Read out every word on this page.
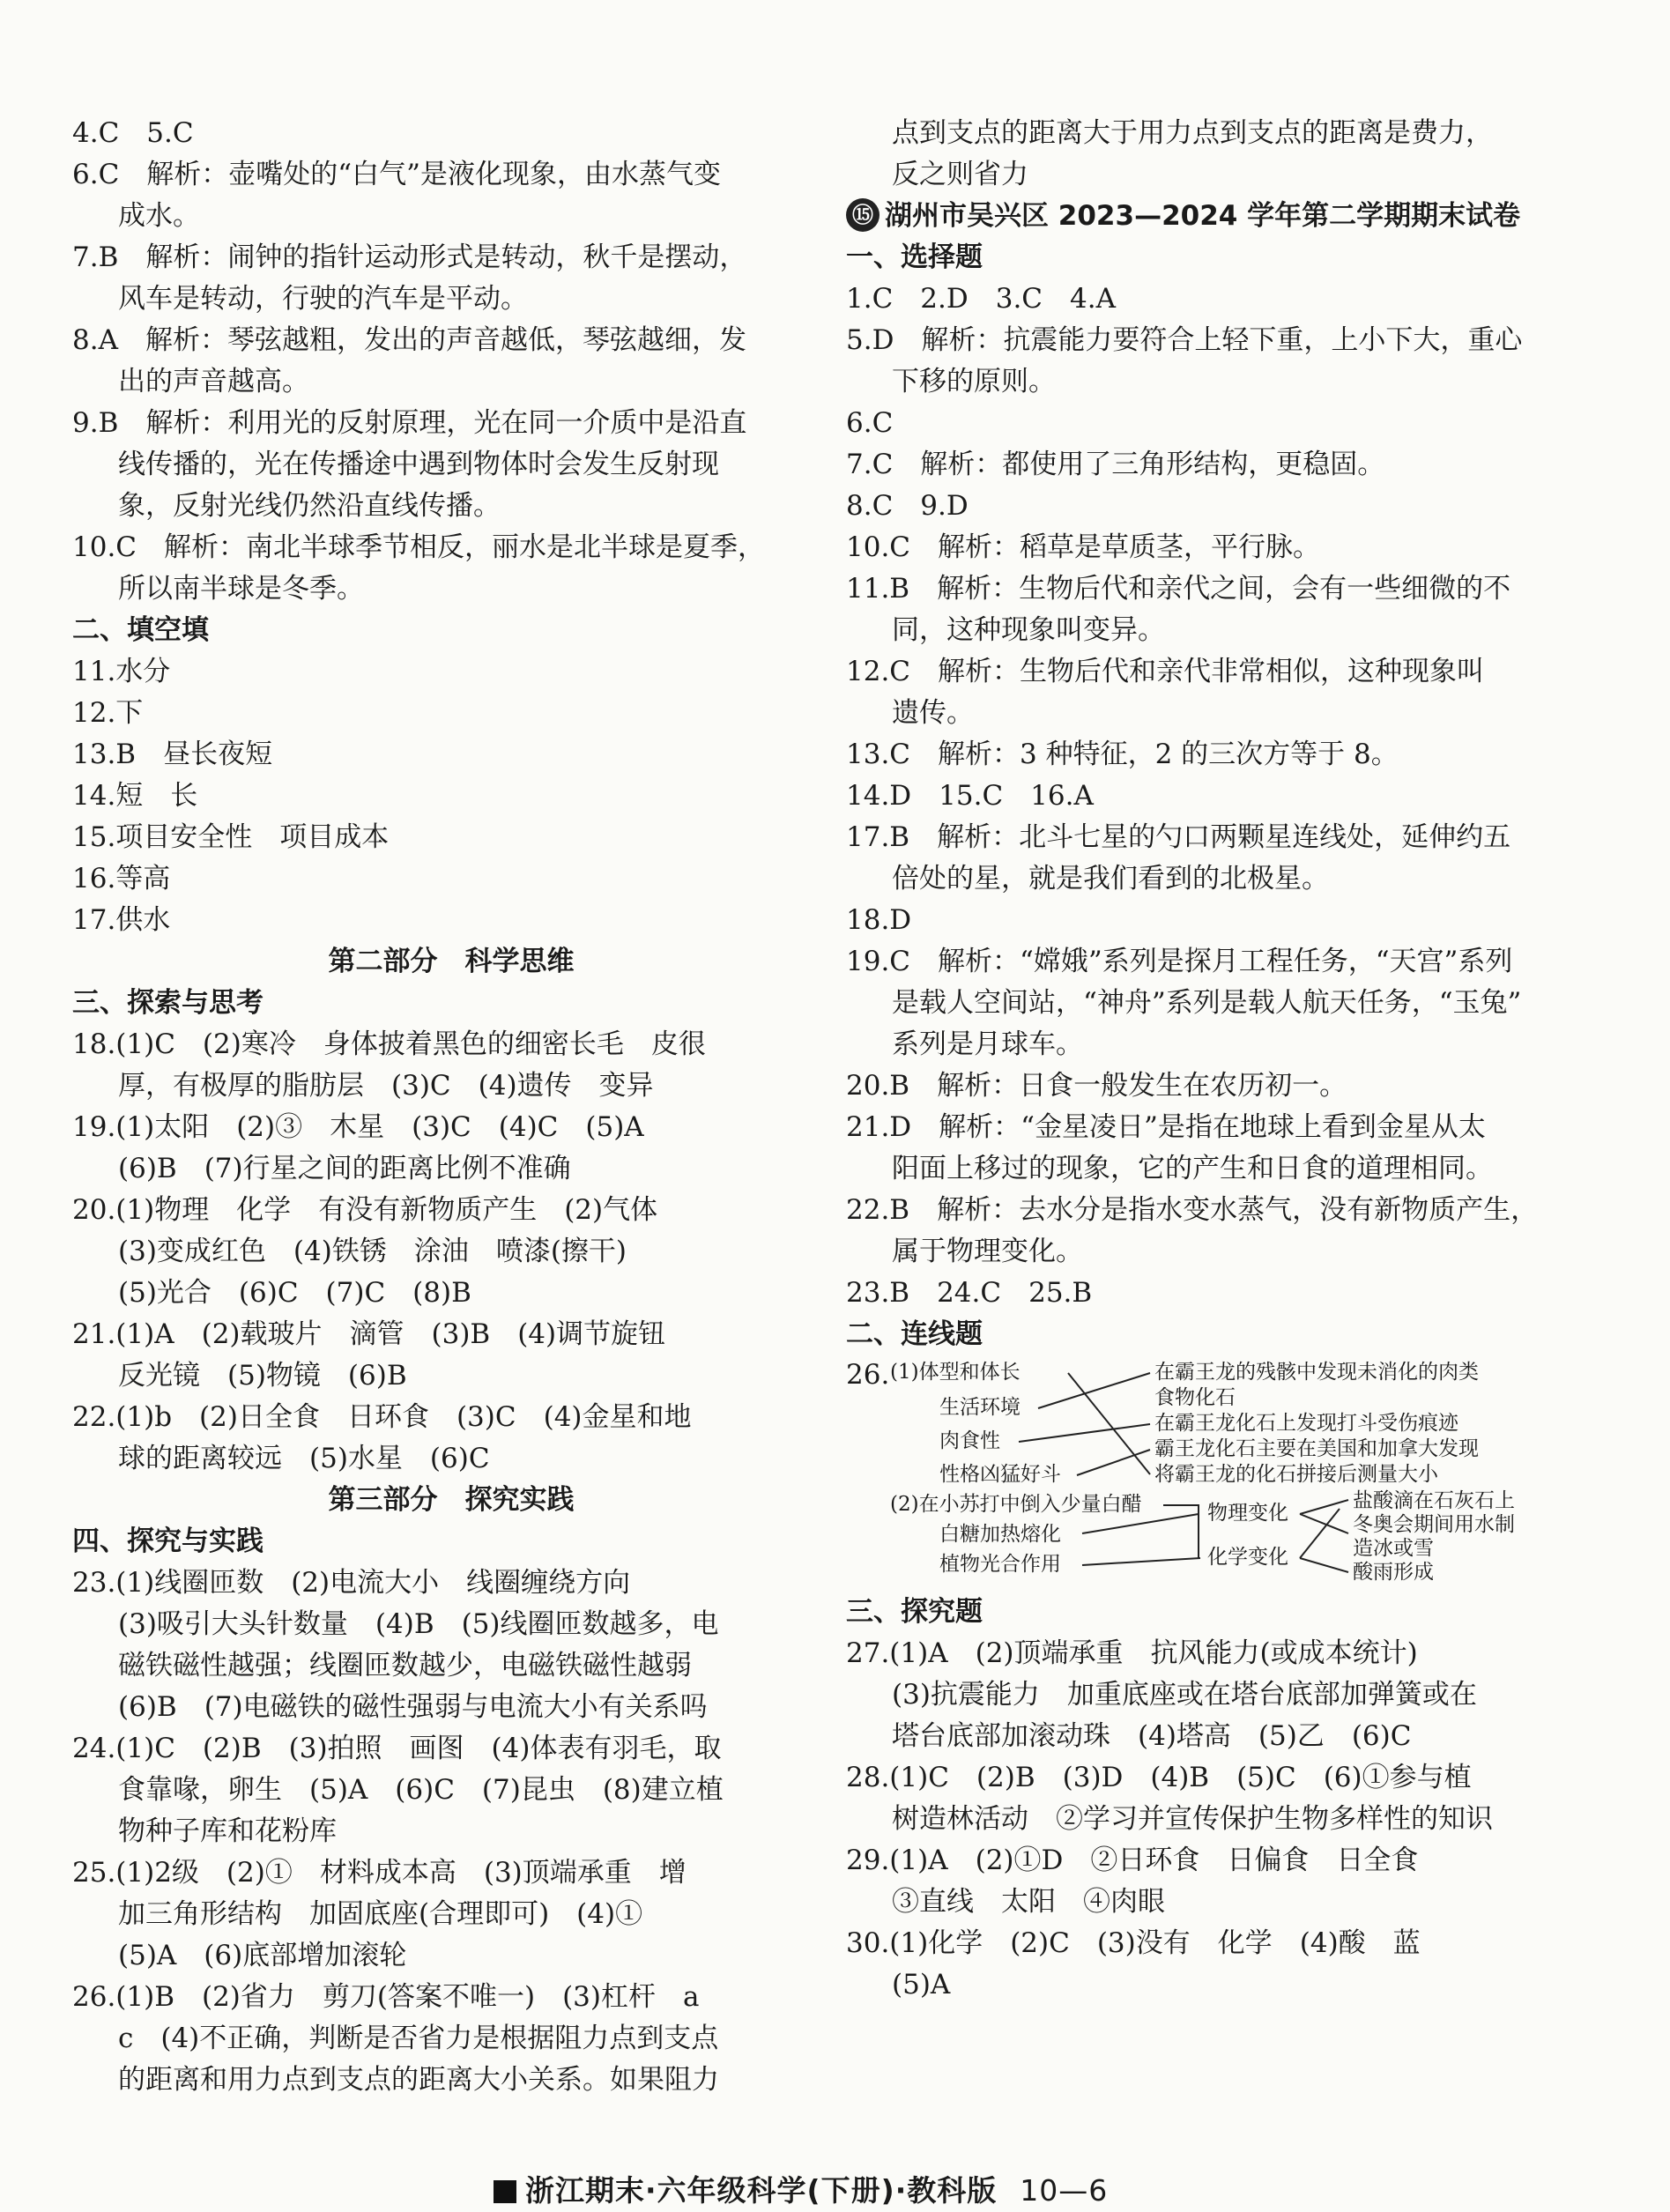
4.C　5.C
6.C　解析：壶嘴处的“白气”是液化现象，由水蒸气变
成水。
7.B　解析：闹钟的指针运动形式是转动，秋千是摆动，
风车是转动，行驶的汽车是平动。
8.A　解析：琴弦越粗，发出的声音越低，琴弦越细，发
出的声音越高。
9.B　解析：利用光的反射原理，光在同一介质中是沿直
线传播的，光在传播途中遇到物体时会发生反射现
象，反射光线仍然沿直线传播。
10.C　解析：南北半球季节相反，丽水是北半球是夏季，
所以南半球是冬季。
二、填空填
11.水分
12.下
13.B　昼长夜短
14.短　长
15.项目安全性　项目成本
16.等高
17.供水
第二部分　科学思维
三、探索与思考
18.(1)C　(2)寒冷　身体披着黑色的细密长毛　皮很
厚，有极厚的脂肪层　(3)C　(4)遗传　变异
19.(1)太阳　(2)③　木星　(3)C　(4)C　(5)A
(6)B　(7)行星之间的距离比例不准确
20.(1)物理　化学　有没有新物质产生　(2)气体
(3)变成红色　(4)铁锈　涂油　喷漆(擦干)
(5)光合　(6)C　(7)C　(8)B
21.(1)A　(2)载玻片　滴管　(3)B　(4)调节旋钮
反光镜　(5)物镜　(6)B
22.(1)b　(2)日全食　日环食　(3)C　(4)金星和地
球的距离较远　(5)水星　(6)C
第三部分　探究实践
四、探究与实践
23.(1)线圈匝数　(2)电流大小　线圈缠绕方向
(3)吸引大头针数量　(4)B　(5)线圈匝数越多，电
磁铁磁性越强；线圈匝数越少，电磁铁磁性越弱
(6)B　(7)电磁铁的磁性强弱与电流大小有关系吗
24.(1)C　(2)B　(3)拍照　画图　(4)体表有羽毛，取
食靠喙，卵生　(5)A　(6)C　(7)昆虫　(8)建立植
物种子库和花粉库
25.(1)2级　(2)①　材料成本高　(3)顶端承重　增
加三角形结构　加固底座(合理即可)　(4)①
(5)A　(6)底部增加滚轮
26.(1)B　(2)省力　剪刀(答案不唯一)　(3)杠杆　a
c　(4)不正确，判断是否省力是根据阻力点到支点
的距离和用力点到支点的距离大小关系。如果阻力
点到支点的距离大于用力点到支点的距离是费力，
反之则省力
⑮ 湖州市吴兴区 2023—2024 学年第二学期期末试卷
一、选择题
1.C　2.D　3.C　4.A
5.D　解析：抗震能力要符合上轻下重，上小下大，重心
下移的原则。
6.C
7.C　解析：都使用了三角形结构，更稳固。
8.C　9.D
10.C　解析：稻草是草质茎，平行脉。
11.B　解析：生物后代和亲代之间，会有一些细微的不
同，这种现象叫变异。
12.C　解析：生物后代和亲代非常相似，这种现象叫
遗传。
13.C　解析：3 种特征，2 的三次方等于 8。
14.D　15.C　16.A
17.B　解析：北斗七星的勺口两颗星连线处，延伸约五
倍处的星，就是我们看到的北极星。
18.D
19.C　解析：“嫦娥”系列是探月工程任务，“天宫”系列
是载人空间站，“神舟”系列是载人航天任务，“玉兔”
系列是月球车。
20.B　解析：日食一般发生在农历初一。
21.D　解析：“金星凌日”是指在地球上看到金星从太
阳面上移过的现象，它的产生和日食的道理相同。
22.B　解析：去水分是指水变水蒸气，没有新物质产生，
属于物理变化。
23.B　24.C　25.B
二、连线题
26. (1)体型和体长
生活环境
肉食性
性格凶猛好斗
在霸王龙的残骸中发现未消化的肉类
食物化石
在霸王龙化石上发现打斗受伤痕迹
霸王龙化石主要在美国和加拿大发现
将霸王龙的化石拼接后测量大小
(2)在小苏打中倒入少量白醋
白糖加热熔化
植物光合作用
物理变化
化学变化
盐酸滴在石灰石上
冬奥会期间用水制
造冰或雪
酸雨形成
三、探究题
27.(1)A　(2)顶端承重　抗风能力(或成本统计)
(3)抗震能力　加重底座或在塔台底部加弹簧或在
塔台底部加滚动珠　(4)塔高　(5)乙　(6)C
28.(1)C　(2)B　(3)D　(4)B　(5)C　(6)①参与植
树造林活动　②学习并宣传保护生物多样性的知识
29.(1)A　(2)①D　②日环食　日偏食　日全食
③直线　太阳　④肉眼
30.(1)化学　(2)C　(3)没有　化学　(4)酸　蓝
(5)A
浙江期末·六年级科学(下册)·教科版 10—6
